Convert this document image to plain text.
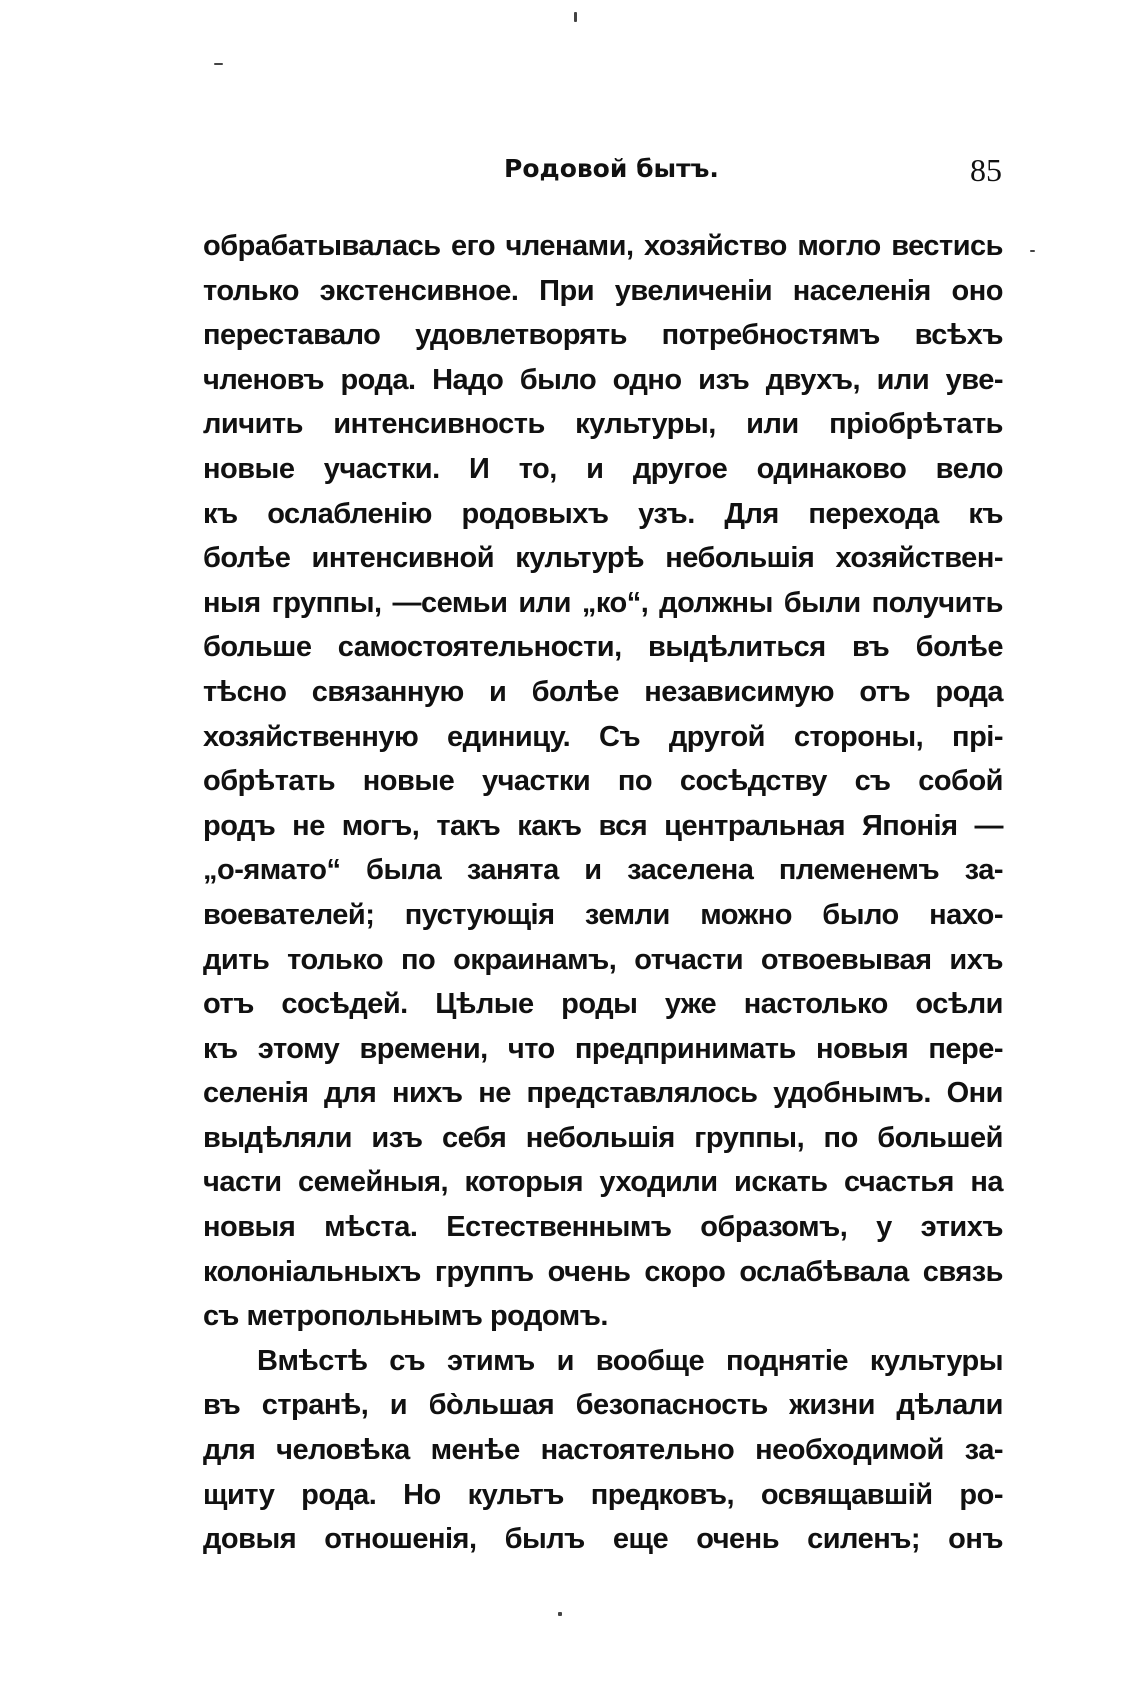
Родовой бытъ.	85
обрабатывалась его членами, хозяйство могло вестись
только экстенсивное. При увеличенiи населенiя оно
переставало удовлетворять потребностямъ всѣхъ
членовъ рода. Надо было одно изъ двухъ, или уве-
личить интенсивность культуры, или прiобрѣтать
новые участки. И то, и другое одинаково вело
къ ослабленiю родовыхъ узъ. Для перехода къ
болѣе интенсивной культурѣ небольшiя хозяйствен-
ныя группы, —семьи или „ко“, должны были получить
больше самостоятельности, выдѣлиться въ болѣе
тѣсно связанную и болѣе независимую отъ рода
хозяйственную единицу. Съ другой стороны, прi-
обрѣтать новые участки по сосѣдству съ собой
родъ не могъ, такъ какъ вся центральная Японiя —
„о-ямато“ была занята и заселена племенемъ за-
воевателей; пустующiя земли можно было нахо-
дить только по окраинамъ, отчасти отвоевывая ихъ
отъ сосѣдей. Цѣлые роды уже настолько осѣли
къ этому времени, что предпринимать новыя пере-
селенiя для нихъ не представлялось удобнымъ. Они
выдѣляли изъ себя небольшiя группы, по большей
части семейныя, которыя уходили искать счастья на
новыя мѣста. Естественнымъ образомъ, у этихъ
колонiальныхъ группъ очень скоро ослабѣвала связь
съ метропольнымъ родомъ.
Вмѣстѣ съ этимъ и вообще поднятiе культуры
въ странѣ, и бо̀льшая безопасность жизни дѣлали
для человѣка менѣе настоятельно необходимой за-
щиту рода. Но культъ предковъ, освящавшiй ро-
довыя отношенiя, былъ еще очень силенъ; онъ
